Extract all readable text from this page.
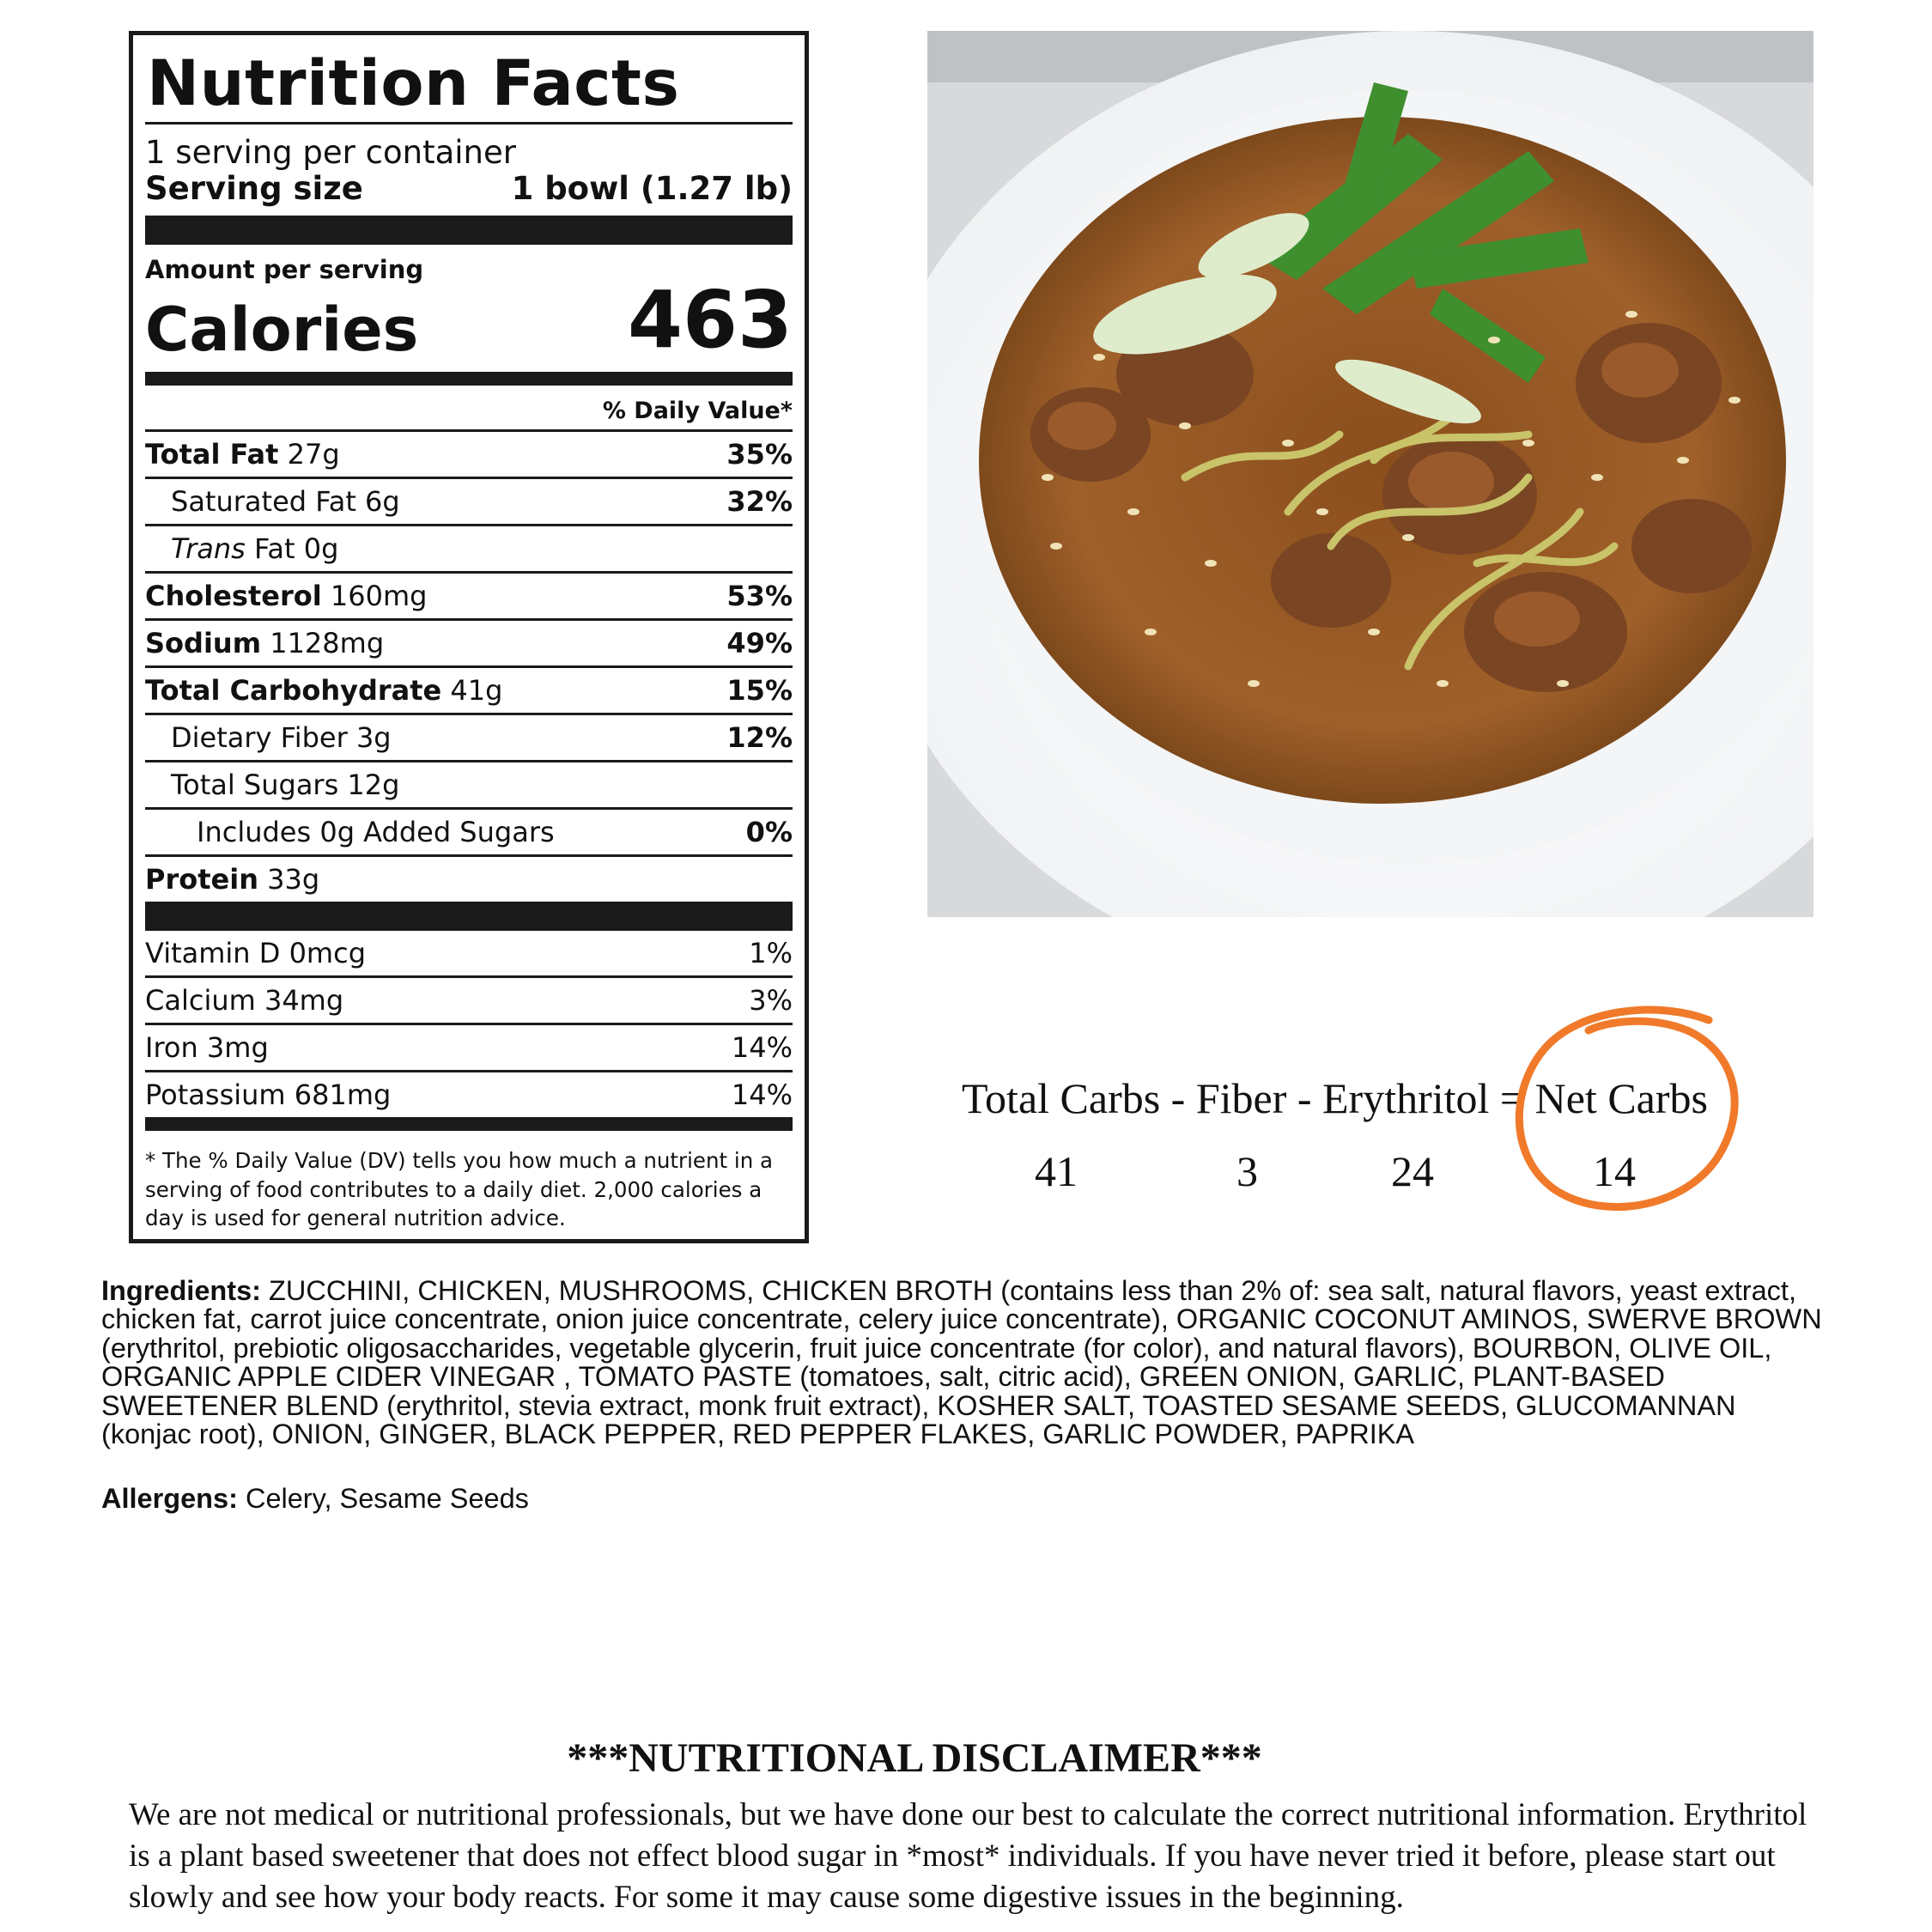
Nutrition Facts
1 serving per container
Serving size	1 bowl (1.27 lb)
Amount per serving
Calories	463
% Daily Value*
Total Fat 27g	35%
Saturated Fat 6g	32%
Trans Fat 0g
Cholesterol 160mg	53%
Sodium 1128mg	49%
Total Carbohydrate 41g	15%
Dietary Fiber 3g	12%
Total Sugars 12g
Includes 0g Added Sugars	0%
Protein 33g
Vitamin D 0mcg	1%
Calcium 34mg	3%
Iron 3mg	14%
Potassium 681mg	14%
* The % Daily Value (DV) tells you how much a nutrient in a serving of food contributes to a daily diet. 2,000 calories a day is used for general nutrition advice.
Total Carbs - Fiber - Erythritol = Net Carbs
41	3	24	14
Ingredients: ZUCCHINI, CHICKEN, MUSHROOMS, CHICKEN BROTH (contains less than 2% of: sea salt, natural flavors, yeast extract, chicken fat, carrot juice concentrate, onion juice concentrate, celery juice concentrate), ORGANIC COCONUT AMINOS, SWERVE BROWN (erythritol, prebiotic oligosaccharides, vegetable glycerin, fruit juice concentrate (for color), and natural flavors), BOURBON, OLIVE OIL, ORGANIC APPLE CIDER VINEGAR , TOMATO PASTE (tomatoes, salt, citric acid), GREEN ONION, GARLIC, PLANT-BASED SWEETENER BLEND (erythritol, stevia extract, monk fruit extract), KOSHER SALT, TOASTED SESAME SEEDS, GLUCOMANNAN (konjac root), ONION, GINGER, BLACK PEPPER, RED PEPPER FLAKES, GARLIC POWDER, PAPRIKA
Allergens: Celery, Sesame Seeds
***NUTRITIONAL DISCLAIMER***
We are not medical or nutritional professionals, but we have done our best to calculate the correct nutritional information. Erythritol is a plant based sweetener that does not effect blood sugar in *most* individuals. If you have never tried it before, please start out slowly and see how your body reacts. For some it may cause some digestive issues in the beginning.
